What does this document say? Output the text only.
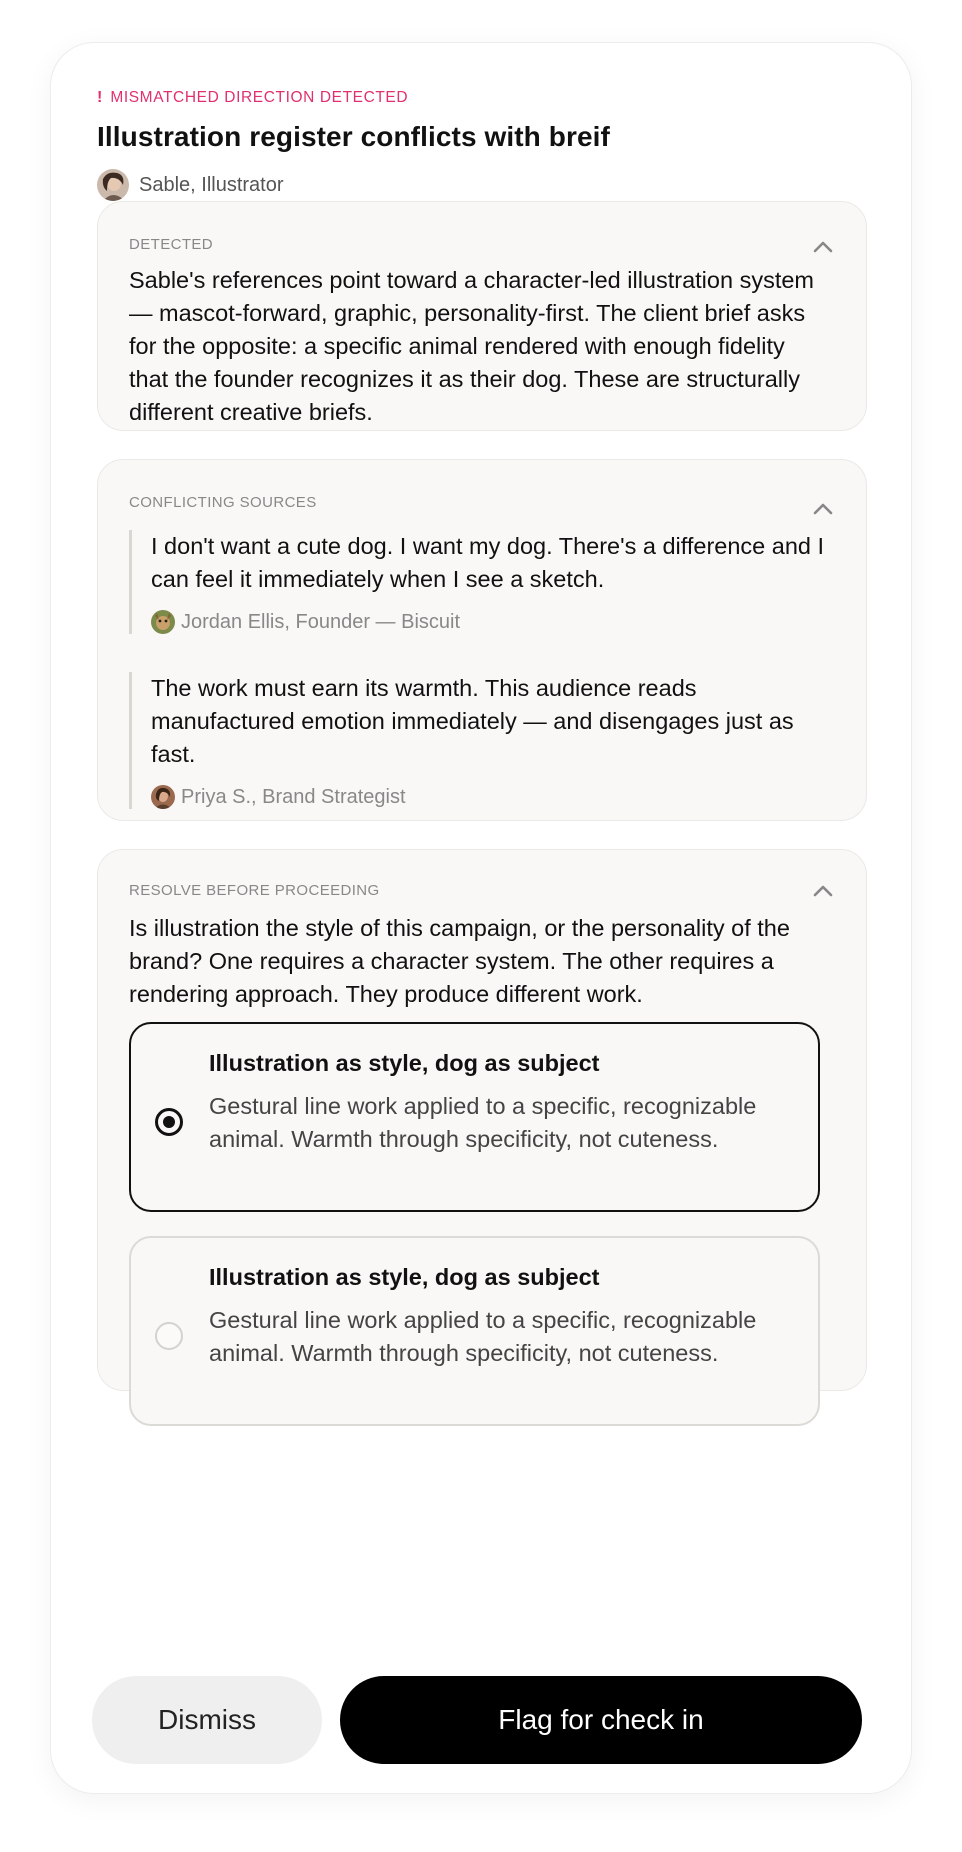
! MISMATCHED DIRECTION DETECTED
Illustration register conflicts with breif
Sable, Illustrator
DETECTED
Sable's references point toward a character-led illustration system — mascot-forward, graphic, personality-first. The client brief asks for the opposite: a specific animal rendered with enough fidelity that the founder recognizes it as their dog. These are structurally different creative briefs.
CONFLICTING SOURCES
I don't want a cute dog. I want my dog. There's a difference and I can feel it immediately when I see a sketch.
Jordan Ellis, Founder — Biscuit
The work must earn its warmth. This audience reads manufactured emotion immediately — and disengages just as fast.
Priya S., Brand Strategist
RESOLVE BEFORE PROCEEDING
Is illustration the style of this campaign, or the personality of the brand? One requires a character system. The other requires a rendering approach. They produce different work.
Illustration as style, dog as subject
Gestural line work applied to a specific, recognizable animal. Warmth through specificity, not cuteness.
Illustration as style, dog as subject
Gestural line work applied to a specific, recognizable animal. Warmth through specificity, not cuteness.
Dismiss	Flag for check in
